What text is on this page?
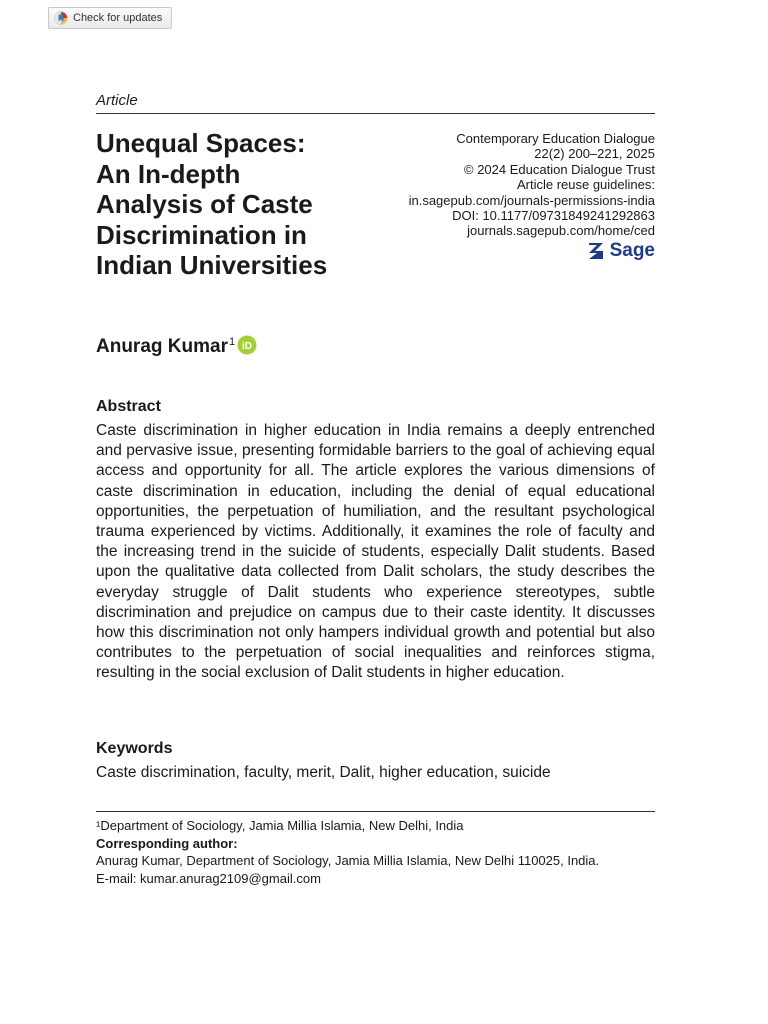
Check for updates
Article
Unequal Spaces:
An In-depth
Analysis of Caste
Discrimination in
Indian Universities
Contemporary Education Dialogue
22(2) 200–221, 2025
© 2024 Education Dialogue Trust
Article reuse guidelines:
in.sagepub.com/journals-permissions-india
DOI: 10.1177/09731849241292863
journals.sagepub.com/home/ced
Sage
Anurag Kumar$^1$ iD
Abstract

Caste discrimination in higher education in India remains a deeply entrenched and pervasive issue, presenting formidable barriers to the goal of achieving equal access and opportunity for all. The article explores the various dimensions of caste discrimination in education, including the denial of equal educational opportunities, the perpetuation of humiliation, and the resultant psychological trauma experienced by victims. Additionally, it examines the role of faculty and the increasing trend in the suicide of students, especially Dalit students. Based upon the qualitative data collected from Dalit scholars, the study describes the everyday struggle of Dalit students who experience stereotypes, subtle discrimination and prejudice on campus due to their caste identity. It discusses how this discrimination not only hampers individual growth and potential but also contributes to the perpetuation of social inequalities and reinforces stigma, resulting in the social exclusion of Dalit students in higher education.

Keywords

Caste discrimination, faculty, merit, Dalit, higher education, suicide

¹Department of Sociology, Jamia Millia Islamia, New Delhi, India
Corresponding author:
Anurag Kumar, Department of Sociology, Jamia Millia Islamia, New Delhi 110025, India.
E-mail: kumar.anurag2109@gmail.com
